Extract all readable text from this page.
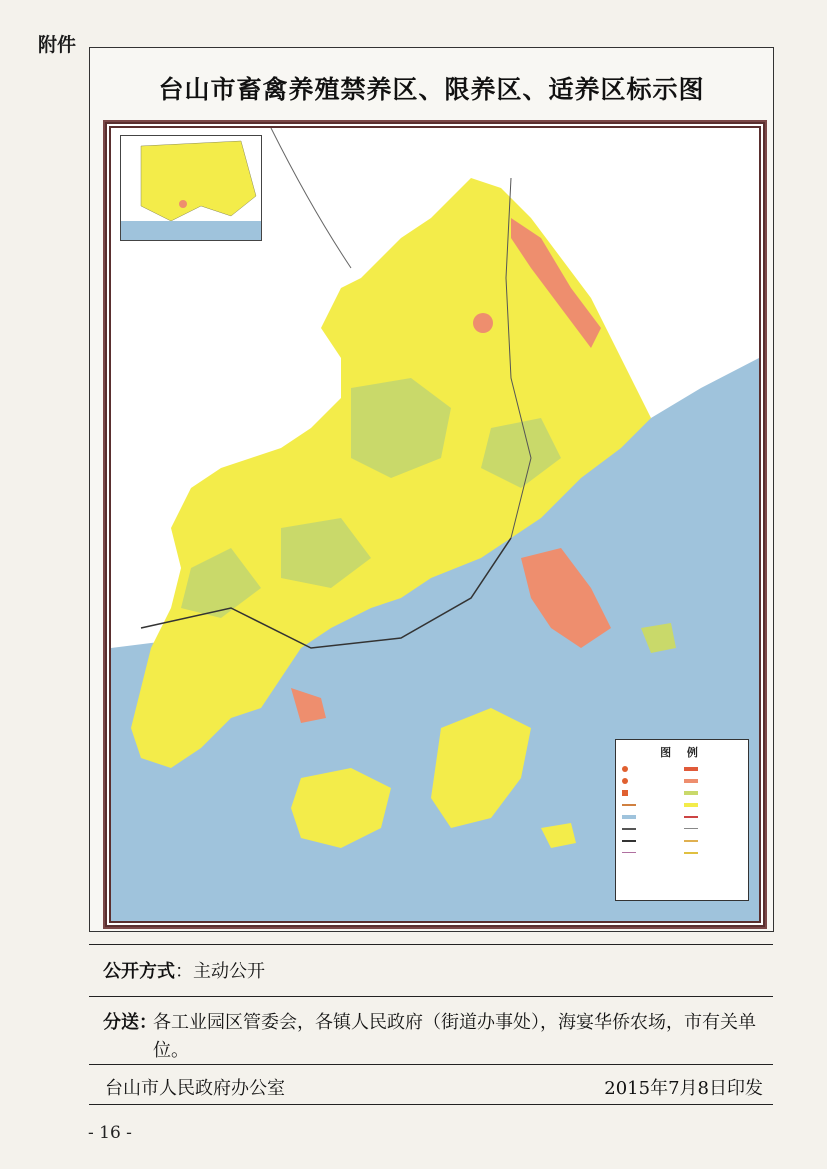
附件
台山市畜禽养殖禁养区、限养区、适养区标示图
图 例
公开方式：主动公开
分送：
各工业园区管委会，各镇人民政府（街道办事处），海宴华侨农场，市有关单位。
台山市人民政府办公室	2015年7月8日印发
- 16 -
